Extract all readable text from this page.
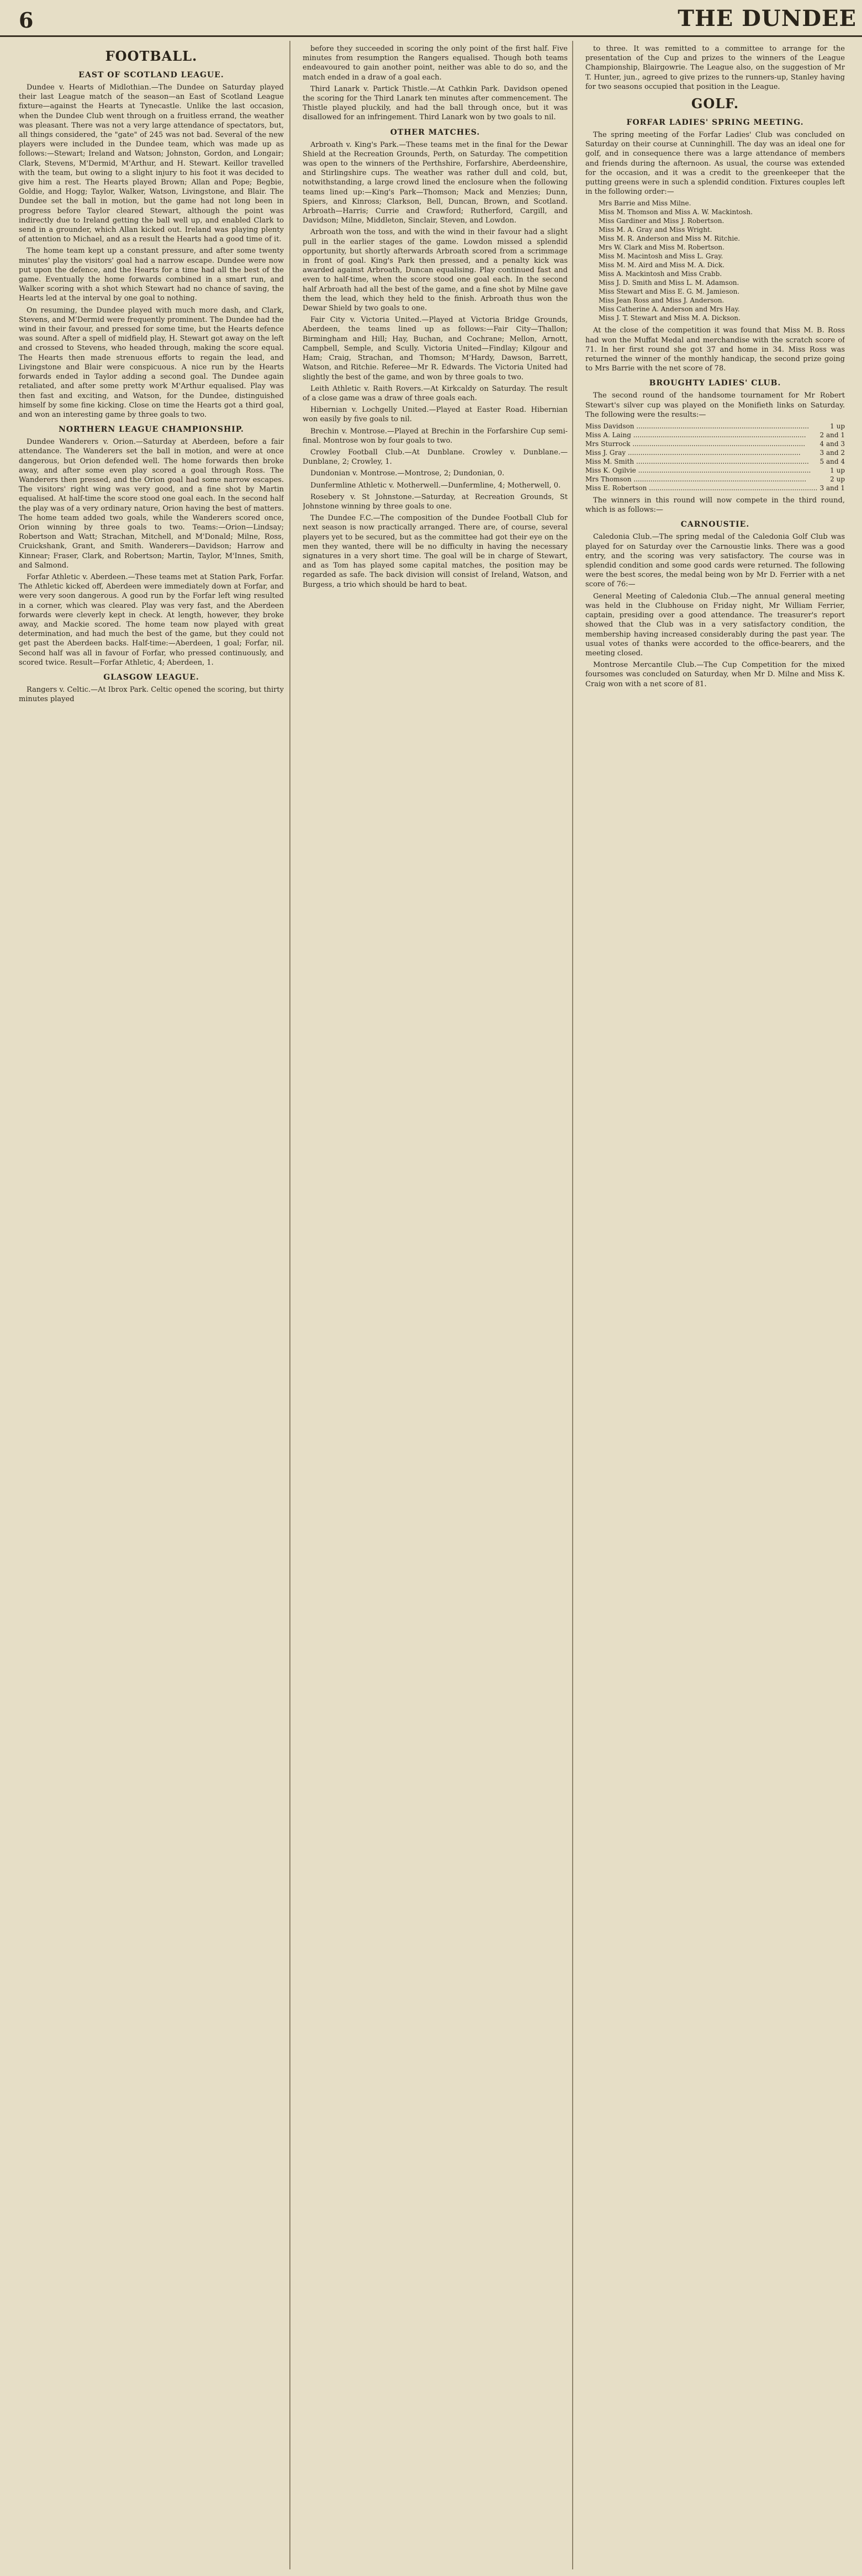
6	THE DUNDEE
FOOTBALL.
EAST OF SCOTLAND LEAGUE.

Dundee v. Hearts of Midlothian.—The Dundee on Saturday played their last League match of the season—an East of Scotland League fixture—against the Hearts at Tynecastle. Unlike the last occasion, when the Dundee Club went through on a fruitless errand, the weather was pleasant. There was not a very large attendance of spectators, but, all things considered, the "gate" of 245 was not bad. Several of the new players were included in the Dundee team, which was made up as follows:—Stewart; Ireland and Watson; Johnston, Gordon, and Longair; Clark, Stevens, M'Dermid, M'Arthur, and H. Stewart. Keillor travelled with the team, but owing to a slight injury to his foot it was decided to give him a rest. The Hearts played Brown; Allan and Pope; Begbie, Goldie, and Hogg; Taylor, Walker, Watson, Livingstone, and Blair. The Dundee set the ball in motion, but the game had not long been in progress before Taylor cleared Stewart, although the point was indirectly due to Ireland getting the ball well up, and enabled Clark to send in a grounder, which Allan kicked out. Ireland was playing plenty of attention to Michael, and as a result the Hearts had a good time of it.

The home team kept up a constant pressure, and after some twenty minutes' play the visitors' goal had a narrow escape. Dundee were now put upon the defence, and the Hearts for a time had all the best of the game. Eventually the home forwards combined in a smart run, and Walker scoring with a shot which Stewart had no chance of saving, the Hearts led at the interval by one goal to nothing.

On resuming, the Dundee played with much more dash, and Clark, Stevens, and M'Dermid were frequently prominent. The Dundee had the wind in their favour, and pressed for some time, but the Hearts defence was sound. After a spell of midfield play, H. Stewart got away on the left and crossed to Stevens, who headed through, making the score equal. The Hearts then made strenuous efforts to regain the lead, and Livingstone and Blair were conspicuous. A nice run by the Hearts forwards ended in Taylor adding a second goal. The Dundee again retaliated, and after some pretty work M'Arthur equalised. Play was then fast and exciting, and Watson, for the Dundee, distinguished himself by some fine kicking. Close on time the Hearts got a third goal, and won an interesting game by three goals to two.

NORTHERN LEAGUE CHAMPIONSHIP.

Dundee Wanderers v. Orion.—Saturday at Aberdeen, before a fair attendance. The Wanderers set the ball in motion, and were at once dangerous, but Orion defended well. The home forwards then broke away, and after some even play scored a goal through Ross. The Wanderers then pressed, and the Orion goal had some narrow escapes. The visitors' right wing was very good, and a fine shot by Martin equalised. At half-time the score stood one goal each. In the second half the play was of a very ordinary nature, Orion having the best of matters. The home team added two goals, while the Wanderers scored once, Orion winning by three goals to two. Teams:—Orion—Lindsay; Robertson and Watt; Strachan, Mitchell, and M'Donald; Milne, Ross, Cruickshank, Grant, and Smith. Wanderers—Davidson; Harrow and Kinnear; Fraser, Clark, and Robertson; Martin, Taylor, M'Innes, Smith, and Salmond.

Forfar Athletic v. Aberdeen.—These teams met at Station Park, Forfar. The Athletic kicked off, Aberdeen were immediately down at Forfar, and were very soon dangerous. A good run by the Forfar left wing resulted in a corner, which was cleared. Play was very fast, and the Aberdeen forwards were cleverly kept in check. At length, however, they broke away, and Mackie scored. The home team now played with great determination, and had much the best of the game, but they could not get past the Aberdeen backs. Half-time:—Aberdeen, 1 goal; Forfar, nil. Second half was all in favour of Forfar, who pressed continuously, and scored twice. Result—Forfar Athletic, 4; Aberdeen, 1.

GLASGOW LEAGUE.

Rangers v. Celtic.—At Ibrox Park. Celtic opened the scoring, but thirty minutes played

before they succeeded in scoring the only point of the first half. Five minutes from resumption the Rangers equalised. Though both teams endeavoured to gain another point, neither was able to do so, and the match ended in a draw of a goal each.

Third Lanark v. Partick Thistle.—At Cathkin Park. Davidson opened the scoring for the Third Lanark ten minutes after commencement. The Thistle played pluckily, and had the ball through once, but it was disallowed for an infringement. Third Lanark won by two goals to nil.

OTHER MATCHES.

Arbroath v. King's Park.—These teams met in the final for the Dewar Shield at the Recreation Grounds, Perth, on Saturday. The competition was open to the winners of the Perthshire, Forfarshire, Aberdeenshire, and Stirlingshire cups. The weather was rather dull and cold, but, notwithstanding, a large crowd lined the enclosure when the following teams lined up:—King's Park—Thomson; Mack and Menzies; Dunn, Spiers, and Kinross; Clarkson, Bell, Duncan, Brown, and Scotland. Arbroath—Harris; Currie and Crawford; Rutherford, Cargill, and Davidson; Milne, Middleton, Sinclair, Steven, and Lowdon.

Arbroath won the toss, and with the wind in their favour had a slight pull in the earlier stages of the game. Lowdon missed a splendid opportunity, but shortly afterwards Arbroath scored from a scrimmage in front of goal. King's Park then pressed, and a penalty kick was awarded against Arbroath, Duncan equalising. Play continued fast and even to half-time, when the score stood one goal each. In the second half Arbroath had all the best of the game, and a fine shot by Milne gave them the lead, which they held to the finish. Arbroath thus won the Dewar Shield by two goals to one.

Fair City v. Victoria United.—Played at Victoria Bridge Grounds, Aberdeen, the teams lined up as follows:—Fair City—Thallon; Birmingham and Hill; Hay, Buchan, and Cochrane; Mellon, Arnott, Campbell, Semple, and Scully. Victoria United—Findlay; Kilgour and Ham; Craig, Strachan, and Thomson; M'Hardy, Dawson, Barrett, Watson, and Ritchie. Referee—Mr R. Edwards. The Victoria United had slightly the best of the game, and won by three goals to two.

Leith Athletic v. Raith Rovers.—At Kirkcaldy on Saturday. The result of a close game was a draw of three goals each.

Hibernian v. Lochgelly United.—Played at Easter Road. Hibernian won easily by five goals to nil.

Brechin v. Montrose.—Played at Brechin in the Forfarshire Cup semi-final. Montrose won by four goals to two.

Crowley Football Club.—At Dunblane. Crowley v. Dunblane.—Dunblane, 2; Crowley, 1.

Dundonian v. Montrose.—Montrose, 2; Dundonian, 0.

Dunfermline Athletic v. Motherwell.—Dunfermline, 4; Motherwell, 0.

Rosebery v. St Johnstone.—Saturday, at Recreation Grounds, St Johnstone winning by three goals to one.

The Dundee F.C.—The composition of the Dundee Football Club for next season is now practically arranged. There are, of course, several players yet to be secured, but as the committee had got their eye on the men they wanted, there will be no difficulty in having the necessary signatures in a very short time. The goal will be in charge of Stewart, and as Tom has played some capital matches, the position may be regarded as safe. The back division will consist of Ireland, Watson, and Burgess, a trio which should be hard to beat.

to three. It was remitted to a committee to arrange for the presentation of the Cup and prizes to the winners of the League Championship, Blairgowrie. The League also, on the suggestion of Mr T. Hunter, jun., agreed to give prizes to the runners-up, Stanley having for two seasons occupied that position in the League.

GOLF.
FORFAR LADIES' SPRING MEETING.

The spring meeting of the Forfar Ladies' Club was concluded on Saturday on their course at Cunninghill. The day was an ideal one for golf, and in consequence there was a large attendance of members and friends during the afternoon. As usual, the course was extended for the occasion, and it was a credit to the greenkeeper that the putting greens were in such a splendid condition. Fixtures couples left in the following order:—

Mrs Barrie and Miss Milne.
Miss M. Thomson and Miss A. W. Mackintosh.
Miss Gardiner and Miss J. Robertson.
Miss M. A. Gray and Miss Wright.
Miss M. R. Anderson and Miss M. Ritchie.
Mrs W. Clark and Miss M. Robertson.
Miss M. Macintosh and Miss L. Gray.
Miss M. M. Aird and Miss M. A. Dick.
Miss A. Mackintosh and Miss Crabb.
Miss J. D. Smith and Miss L. M. Adamson.
Miss Stewart and Miss E. G. M. Jamieson.
Miss Jean Ross and Miss J. Anderson.
Miss Catherine A. Anderson and Mrs Hay.
Miss J. T. Stewart and Miss M. A. Dickson.

At the close of the competition it was found that Miss M. B. Ross had won the Muffat Medal and merchandise with the scratch score of 71. In her first round she got 37 and home in 34. Miss Ross was returned the winner of the monthly handicap, the second prize going to Mrs Barrie with the net score of 78.

BROUGHTY LADIES' CLUB.

The second round of the handsome tournament for Mr Robert Stewart's silver cup was played on the Monifieth links on Saturday. The following were the results:—

Miss Davidson .....	1 up
Miss A. Laing .....	2 and 1
Mrs Sturrock .....	4 and 3
Miss J. Gray .....	3 and 2
Miss M. Smith .....	5 and 4
Miss K. Ogilvie .....	1 up
Mrs Thomson .....	2 up
Miss E. Robertson .....	3 and 1

The winners in this round will now compete in the third round, which is as follows:—

CARNOUSTIE.

Caledonia Club.—The spring medal of the Caledonia Golf Club was played for on Saturday over the Carnoustie links. There was a good entry, and the scoring was very satisfactory. The course was in splendid condition and some good cards were returned. The following were the best scores, the medal being won by Mr D. Ferrier with a net score of 76:—

General Meeting of Caledonia Club.—The annual general meeting was held in the Clubhouse on Friday night, Mr William Ferrier, captain, presiding over a good attendance. The treasurer's report showed that the Club was in a very satisfactory condition, the membership having increased considerably during the past year. The usual votes of thanks were accorded to the office-bearers, and the meeting closed.

Montrose Mercantile Club.—The Cup Competition for the mixed foursomes was concluded on Saturday, when Mr D. Milne and Miss K. Craig won with a net score of 81.
